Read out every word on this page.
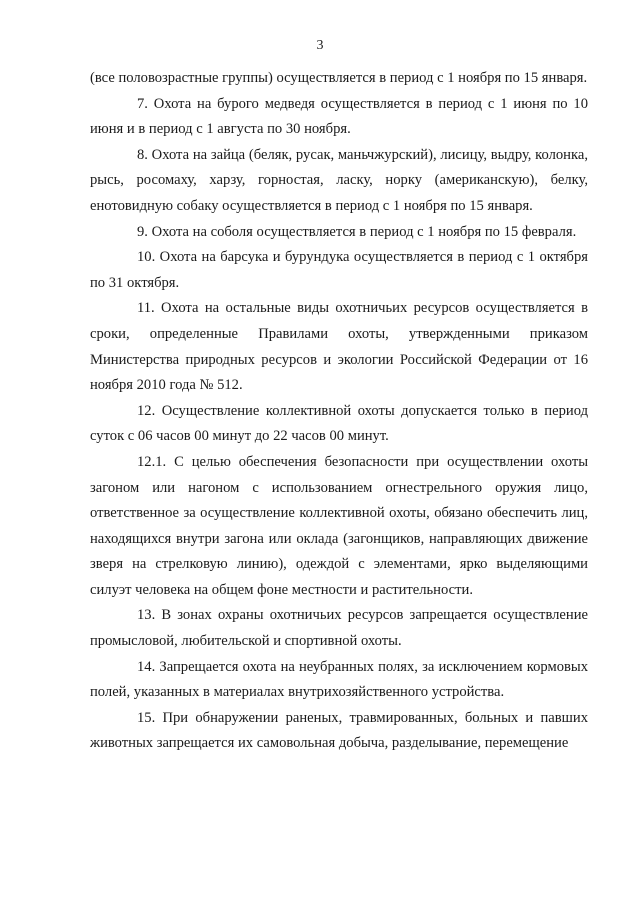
3

(все половозрастные группы) осуществляется в период с 1 ноября по 15 января.

7. Охота на бурого медведя осуществляется в период с 1 июня по 10 июня и в период с 1 августа по 30 ноября.

8. Охота на зайца (беляк, русак, маньчжурский), лисицу, выдру, колонка, рысь, росомаху, харзу, горностая, ласку, норку (американскую), белку, енотовидную собаку осуществляется в период с 1 ноября по 15 января.

9. Охота на соболя осуществляется в период с 1 ноября по 15 февраля.

10. Охота на барсука и бурундука осуществляется в период с 1 октября по 31 октября.

11. Охота на остальные виды охотничьих ресурсов осуществляется в сроки, определенные Правилами охоты, утвержденными приказом Министерства природных ресурсов и экологии Российской Федерации от 16 ноября 2010 года № 512.

12. Осуществление коллективной охоты допускается только в период суток с 06 часов 00 минут до 22 часов 00 минут.

12.1. С целью обеспечения безопасности при осуществлении охоты загоном или нагоном с использованием огнестрельного оружия лицо, ответственное за осуществление коллективной охоты, обязано обеспечить лиц, находящихся внутри загона или оклада (загонщиков, направляющих движение зверя на стрелковую линию), одеждой с элементами, ярко выделяющими силуэт человека на общем фоне местности и растительности.

13. В зонах охраны охотничьих ресурсов запрещается осуществление промысловой, любительской и спортивной охоты.

14. Запрещается охота на неубранных полях, за исключением кормовых полей, указанных в материалах внутрихозяйственного устройства.

15. При обнаружении раненых, травмированных, больных и павших животных запрещается их самовольная добыча, разделывание, перемещение
